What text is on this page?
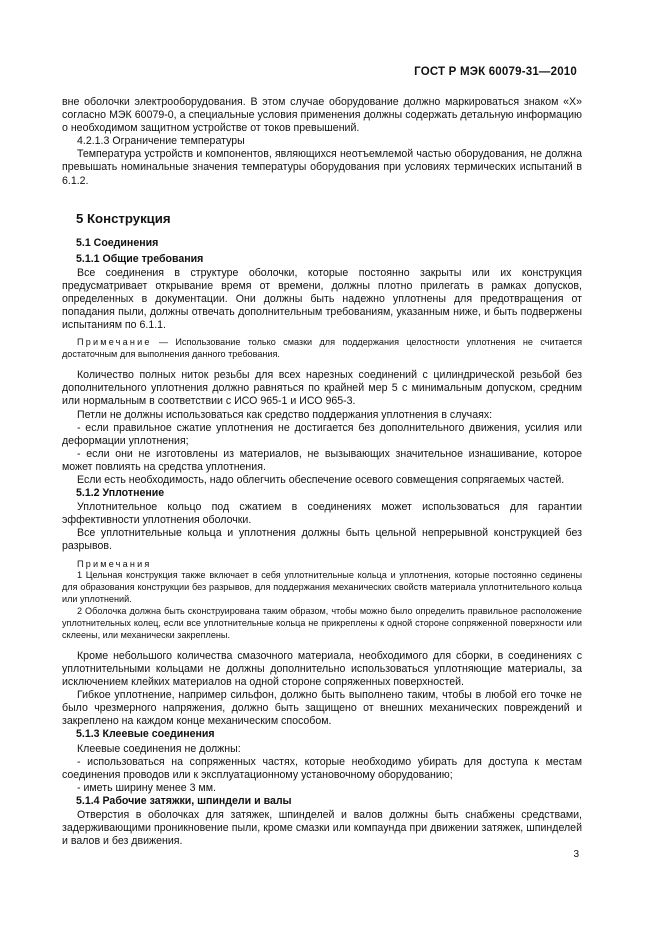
ГОСТ Р МЭК 60079-31—2010

вне оболочки электрооборудования. В этом случае оборудование должно маркироваться знаком «Х» согласно МЭК 60079-0, а специальные условия применения должны содержать детальную информацию о необходимом защитном устройстве от токов превышений.

4.2.1.3 Ограничение температуры

Температура устройств и компонентов, являющихся неотъемлемой частью оборудования, не должна превышать номинальные значения температуры оборудования при условиях термических испытаний в 6.1.2.

5 Конструкция
5.1 Соединения
5.1.1 Общие требования

Все соединения в структуре оболочки, которые постоянно закрыты или их конструкция предусматривает открывание время от времени, должны плотно прилегать в рамках допусков, определенных в документации. Они должны быть надежно уплотнены для предотвращения от попадания пыли, должны отвечать дополнительным требованиям, указанным ниже, и быть подвержены испытаниям по 6.1.1.

Примечание — Использование только смазки для поддержания целостности уплотнения не считается достаточным для выполнения данного требования.

Количество полных ниток резьбы для всех нарезных соединений с цилиндрической резьбой без дополнительного уплотнения должно равняться по крайней мер 5 с минимальным допуском, средним или нормальным в соответствии с ИСО 965-1 и ИСО 965-3.

Петли не должны использоваться как средство поддержания уплотнения в случаях:

- если правильное сжатие уплотнения не достигается без дополнительного движения, усилия или деформации уплотнения;

- если они не изготовлены из материалов, не вызывающих значительное изнашивание, которое может повлиять на средства уплотнения.

Если есть необходимость, надо облегчить обеспечение осевого совмещения сопрягаемых частей.

5.1.2 Уплотнение

Уплотнительное кольцо под сжатием в соединениях может использоваться для гарантии эффективности уплотнения оболочки.

Все уплотнительные кольца и уплотнения должны быть цельной непрерывной конструкцией без разрывов.

Примечания

1 Цельная конструкция также включает в себя уплотнительные кольца и уплотнения, которые постоянно сединены для образования конструкции без разрывов, для поддержания механических свойств материала уплотнительного кольца или уплотнений.

2 Оболочка должна быть сконструирована таким образом, чтобы можно было определить правильное расположение уплотнительных колец, если все уплотнительные кольца не прикреплены к одной стороне сопряженной поверхности или склеены, или механически закреплены.

Кроме небольшого количества смазочного материала, необходимого для сборки, в соединениях с уплотнительными кольцами не должны дополнительно использоваться уплотняющие материалы, за исключением клейких материалов на одной стороне сопряженных поверхностей.

Гибкое уплотнение, например сильфон, должно быть выполнено таким, чтобы в любой его точке не было чрезмерного напряжения, должно быть защищено от внешних механических повреждений и закреплено на каждом конце механическим способом.

5.1.3 Клеевые соединения

Клеевые соединения не должны:

- использоваться на сопряженных частях, которые необходимо убирать для доступа к местам соединения проводов или к эксплуатационному установочному оборудованию;

- иметь ширину менее 3 мм.

5.1.4 Рабочие затяжки, шпиндели и валы

Отверстия в оболочках для затяжек, шпинделей и валов должны быть снабжены средствами, задерживающими проникновение пыли, кроме смазки или компаунда при движении затяжек, шпинделей и валов и без движения.

3
